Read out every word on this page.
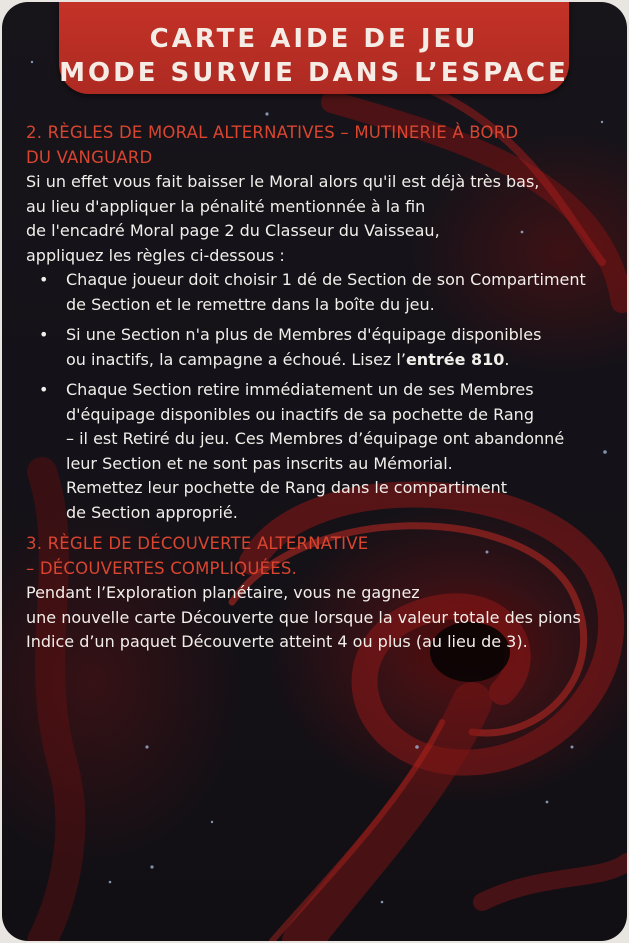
CARTE AIDE DE JEU
MODE SURVIE DANS L’ESPACE
2. RÈGLES DE MORAL ALTERNATIVES – MUTINERIE À BORD
DU VANGUARD

Si un effet vous fait baisser le Moral alors qu'il est déjà très bas,
au lieu d'appliquer la pénalité mentionnée à la fin
de l'encadré Moral page 2 du Classeur du Vaisseau,
appliquez les règles ci-dessous :

• Chaque joueur doit choisir 1 dé de Section de son Compartiment
de Section et le remettre dans la boîte du jeu.
• Si une Section n'a plus de Membres d'équipage disponibles
ou inactifs, la campagne a échoué. Lisez l’entrée 810.
• Chaque Section retire immédiatement un de ses Membres
d'équipage disponibles ou inactifs de sa pochette de Rang
– il est Retiré du jeu. Ces Membres d’équipage ont abandonné
leur Section et ne sont pas inscrits au Mémorial.
Remettez leur pochette de Rang dans le compartiment
de Section approprié.
3. RÈGLE DE DÉCOUVERTE ALTERNATIVE
– DÉCOUVERTES COMPLIQUÉES.

Pendant l’Exploration planétaire, vous ne gagnez
une nouvelle carte Découverte que lorsque la valeur totale des pions
Indice d’un paquet Découverte atteint 4 ou plus (au lieu de 3).
